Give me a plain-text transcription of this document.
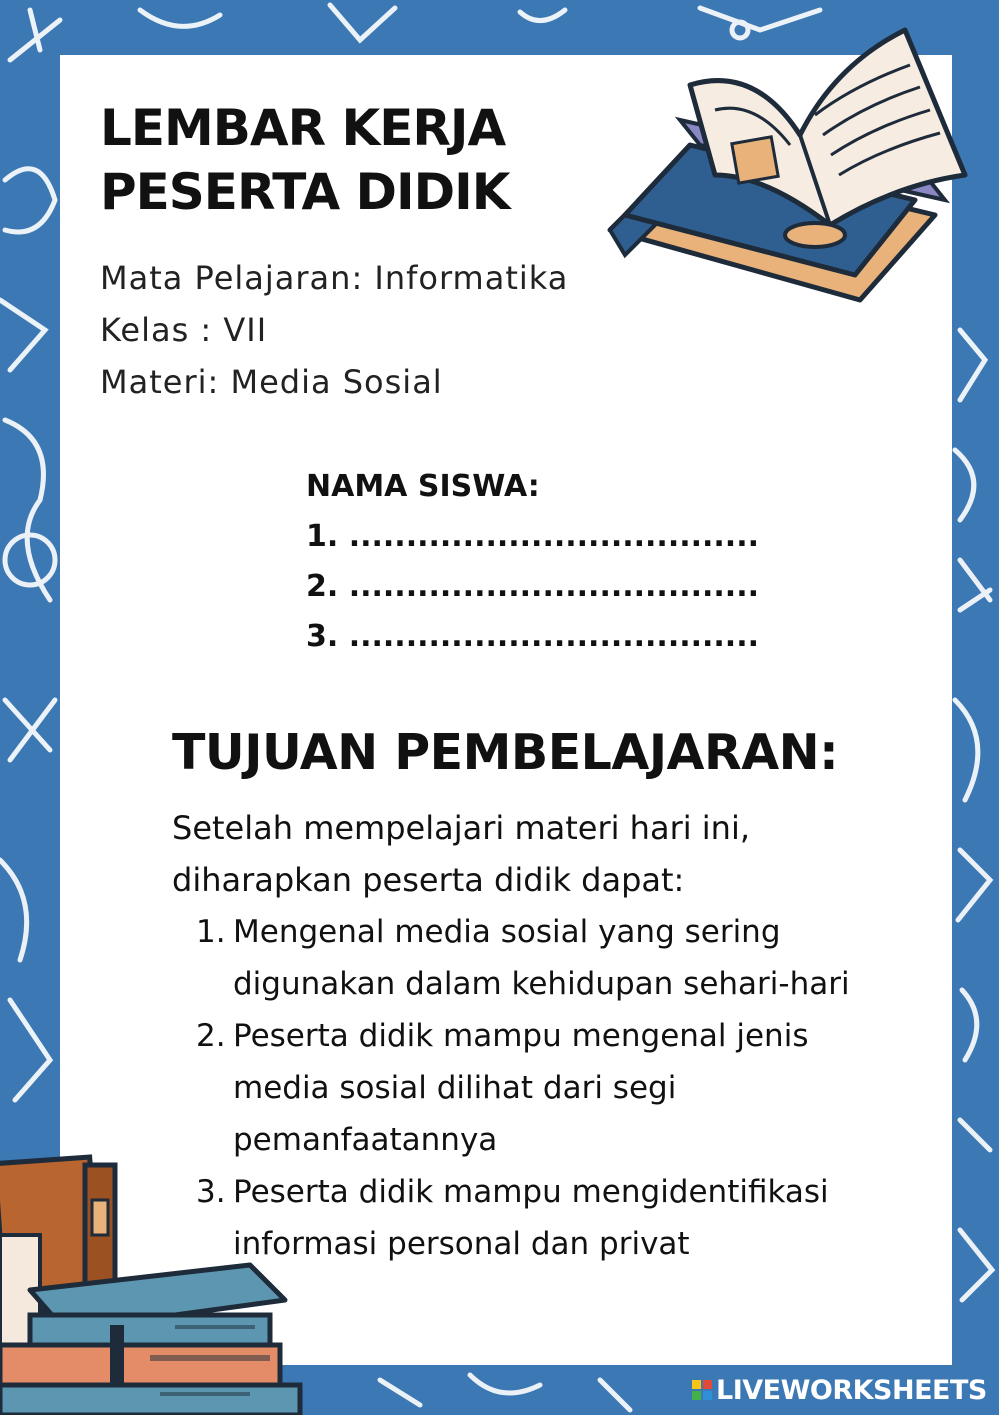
LEMBAR KERJA
PESERTA DIDIK
Mata Pelajaran: Informatika
Kelas : VII
Materi: Media Sosial
NAMA SISWA:
1. ....................................
2. ....................................
3. ....................................
TUJUAN PEMBELAJARAN:
Setelah mempelajari materi hari ini, diharapkan peserta didik dapat:
1. Mengenal media sosial yang sering digunakan dalam kehidupan sehari-hari
2. Peserta didik mampu mengenal jenis media sosial dilihat dari segi pemanfaatannya
3. Peserta didik mampu mengidentifikasi informasi personal dan privat
LIVEWORKSHEETS
